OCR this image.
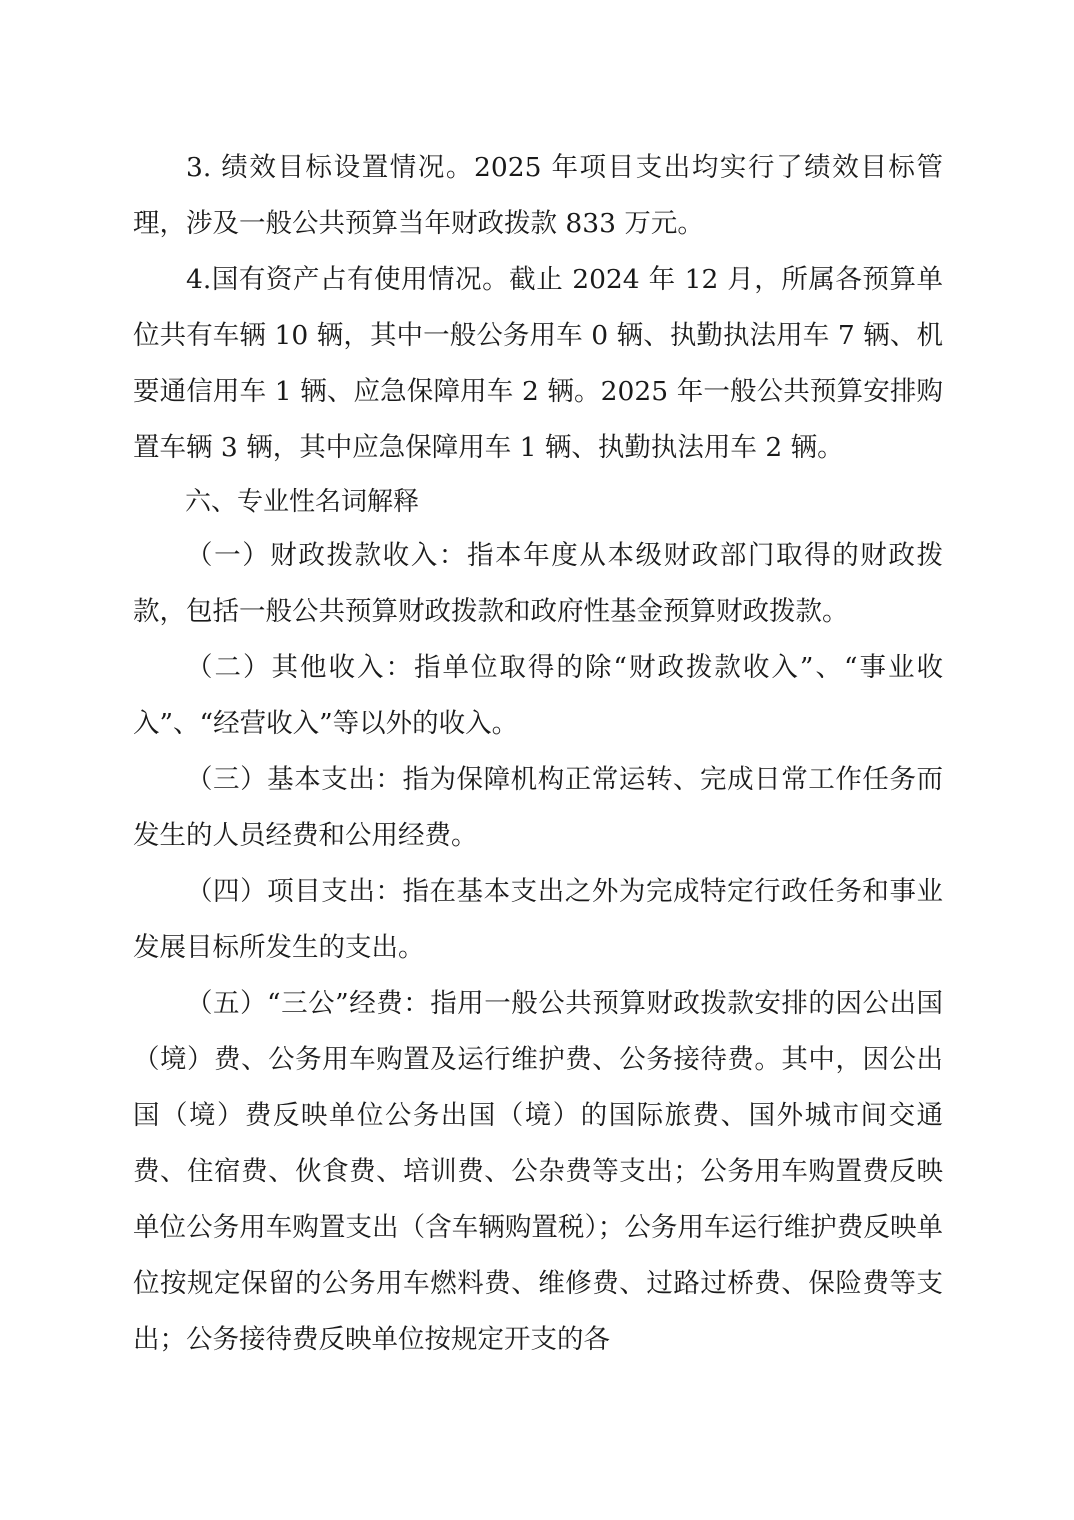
3. 绩效目标设置情况。2025 年项目支出均实行了绩效目标管理，涉及一般公共预算当年财政拨款 833 万元。

4.国有资产占有使用情况。截止 2024 年 12 月，所属各预算单位共有车辆 10 辆，其中一般公务用车 0 辆、执勤执法用车 7 辆、机要通信用车 1 辆、应急保障用车 2 辆。2025 年一般公共预算安排购置车辆 3 辆，其中应急保障用车 1 辆、执勤执法用车 2 辆。

六、专业性名词解释

（一）财政拨款收入：指本年度从本级财政部门取得的财政拨款，包括一般公共预算财政拨款和政府性基金预算财政拨款。

（二）其他收入：指单位取得的除“财政拨款收入”、“事业收入”、“经营收入”等以外的收入。

（三）基本支出：指为保障机构正常运转、完成日常工作任务而发生的人员经费和公用经费。

（四）项目支出：指在基本支出之外为完成特定行政任务和事业发展目标所发生的支出。

（五）“三公”经费：指用一般公共预算财政拨款安排的因公出国（境）费、公务用车购置及运行维护费、公务接待费。其中，因公出国（境）费反映单位公务出国（境）的国际旅费、国外城市间交通费、住宿费、伙食费、培训费、公杂费等支出；公务用车购置费反映单位公务用车购置支出（含车辆购置税）；公务用车运行维护费反映单位按规定保留的公务用车燃料费、维修费、过路过桥费、保险费等支出；公务接待费反映单位按规定开支的各
